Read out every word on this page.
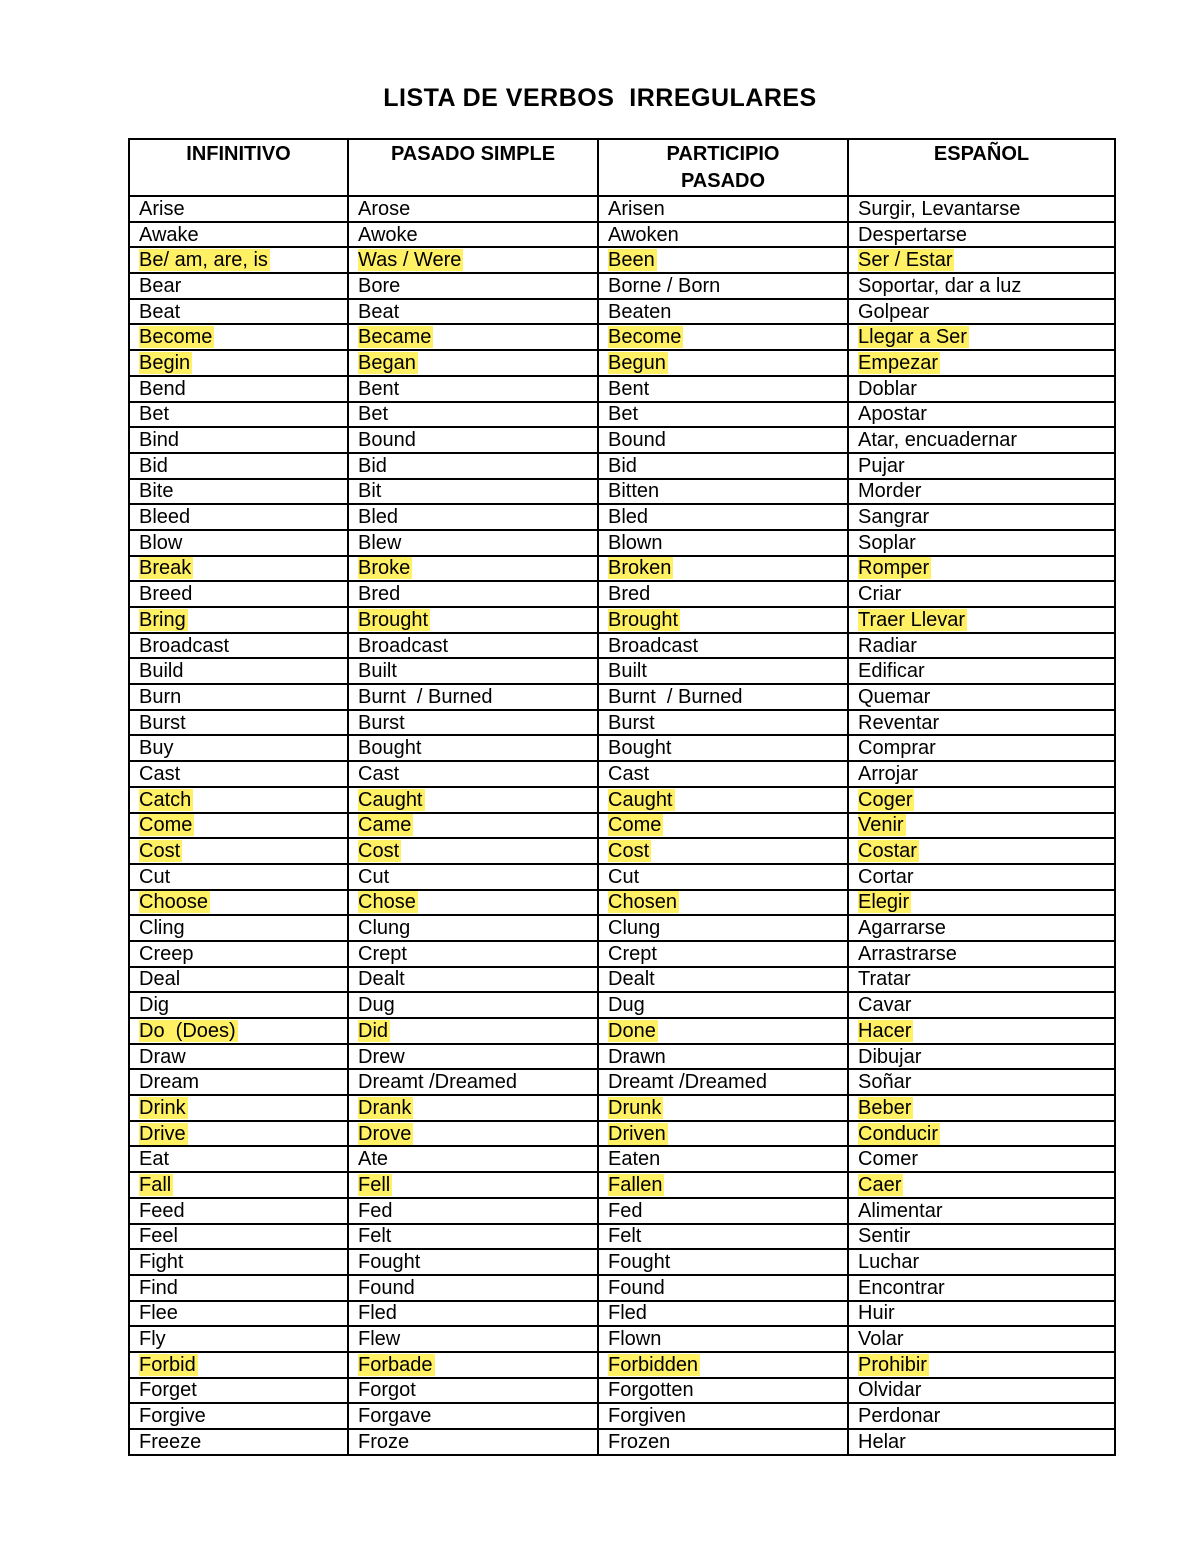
LISTA DE VERBOS  IRREGULARES
INFINITIVO	PASADO SIMPLE	PARTICIPIO PASADO	ESPAÑOL
Arise	Arose	Arisen	Surgir, Levantarse
Awake	Awoke	Awoken	Despertarse
Be/ am, are, is	Was / Were	Been	Ser / Estar
Bear	Bore	Borne / Born	Soportar, dar a luz
Beat	Beat	Beaten	Golpear
Become	Became	Become	Llegar a Ser
Begin	Began	Begun	Empezar
Bend	Bent	Bent	Doblar
Bet	Bet	Bet	Apostar
Bind	Bound	Bound	Atar, encuadernar
Bid	Bid	Bid	Pujar
Bite	Bit	Bitten	Morder
Bleed	Bled	Bled	Sangrar
Blow	Blew	Blown	Soplar
Break	Broke	Broken	Romper
Breed	Bred	Bred	Criar
Bring	Brought	Brought	Traer Llevar
Broadcast	Broadcast	Broadcast	Radiar
Build	Built	Built	Edificar
Burn	Burnt  / Burned	Burnt  / Burned	Quemar
Burst	Burst	Burst	Reventar
Buy	Bought	Bought	Comprar
Cast	Cast	Cast	Arrojar
Catch	Caught	Caught	Coger
Come	Came	Come	Venir
Cost	Cost	Cost	Costar
Cut	Cut	Cut	Cortar
Choose	Chose	Chosen	Elegir
Cling	Clung	Clung	Agarrarse
Creep	Crept	Crept	Arrastrarse
Deal	Dealt	Dealt	Tratar
Dig	Dug	Dug	Cavar
Do  (Does)	Did	Done	Hacer
Draw	Drew	Drawn	Dibujar
Dream	Dreamt /Dreamed	Dreamt /Dreamed	Soñar
Drink	Drank	Drunk	Beber
Drive	Drove	Driven	Conducir
Eat	Ate	Eaten	Comer
Fall	Fell	Fallen	Caer
Feed	Fed	Fed	Alimentar
Feel	Felt	Felt	Sentir
Fight	Fought	Fought	Luchar
Find	Found	Found	Encontrar
Flee	Fled	Fled	Huir
Fly	Flew	Flown	Volar
Forbid	Forbade	Forbidden	Prohibir
Forget	Forgot	Forgotten	Olvidar
Forgive	Forgave	Forgiven	Perdonar
Freeze	Froze	Frozen	Helar
